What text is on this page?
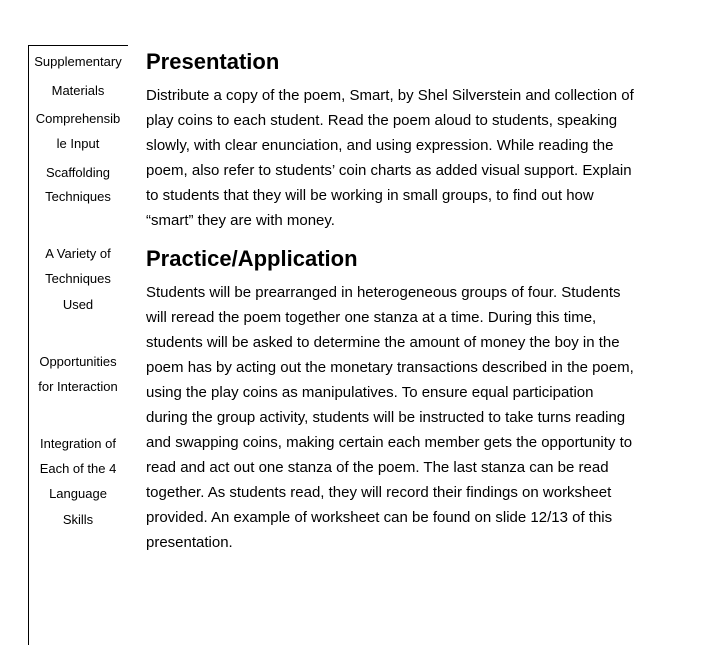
Supplementary
Materials
Comprehensib
le Input
Scaffolding
Techniques
A Variety of
Techniques
Used
Opportunities
for Interaction
Integration of
Each of the 4
Language
Skills
Presentation
Distribute a copy of the poem, Smart, by Shel Silverstein and collection of
play coins to each student. Read the poem aloud to students, speaking
slowly, with clear enunciation, and using expression. While reading the
poem, also refer to students’ coin charts as added visual support. Explain
to students that they will be working in small groups, to find out how
“smart” they are with money.
Practice/Application
Students will be prearranged in heterogeneous groups of four. Students
will reread the poem together one stanza at a time. During this time,
students will be asked to determine the amount of money the boy in the
poem has by acting out the monetary transactions described in the poem,
using the play coins as manipulatives. To ensure equal participation
during the group activity, students will be instructed to take turns reading
and swapping coins, making certain each member gets the opportunity to
read and act out one stanza of the poem. The last stanza can be read
together. As students read, they will record their findings on worksheet
provided. An example of worksheet can be found on slide 12/13 of this
presentation.
